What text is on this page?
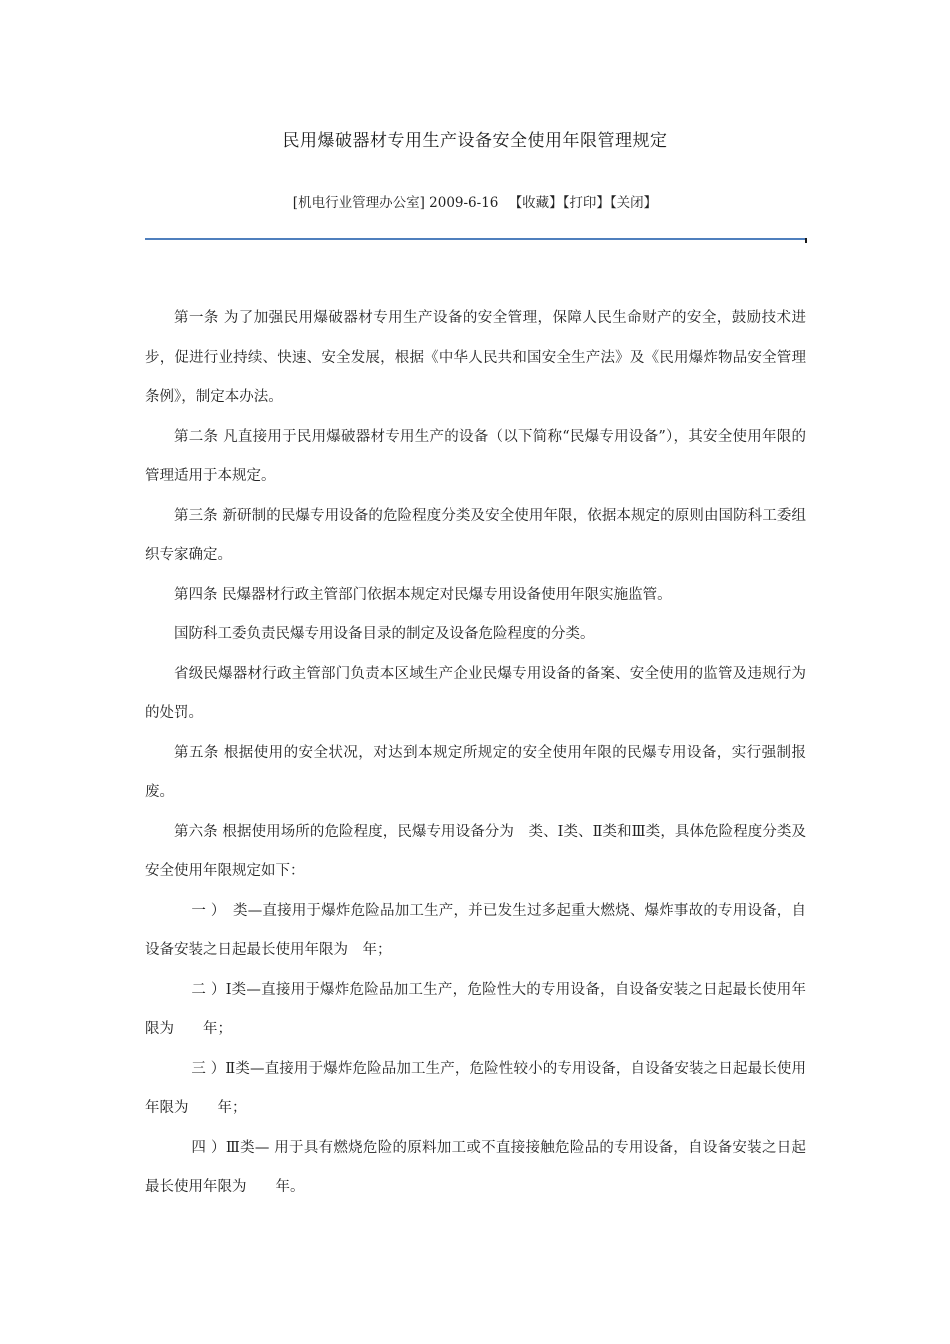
民用爆破器材专用生产设备安全使用年限管理规定
[机电行业管理办公室] 2009-6-16 【收藏】【打印】【关闭】

第一条 为了加强民用爆破器材专用生产设备的安全管理，保障人民生命财产的安全，鼓励技术进步，促进行业持续、快速、安全发展，根据《中华人民共和国安全生产法》及《民用爆炸物品安全管理条例》，制定本办法。

第二条 凡直接用于民用爆破器材专用生产的设备（以下简称“民爆专用设备”），其安全使用年限的管理适用于本规定。

第三条 新研制的民爆专用设备的危险程度分类及安全使用年限，依据本规定的原则由国防科工委组织专家确定。

第四条 民爆器材行政主管部门依据本规定对民爆专用设备使用年限实施监管。

国防科工委负责民爆专用设备目录的制定及设备危险程度的分类。

省级民爆器材行政主管部门负责本区域生产企业民爆专用设备的备案、安全使用的监管及违规行为的处罚。

第五条 根据使用的安全状况，对达到本规定所规定的安全使用年限的民爆专用设备，实行强制报废。

第六条 根据使用场所的危险程度，民爆专用设备分为　类、Ⅰ类、Ⅱ类和Ⅲ类，具体危险程度分类及安全使用年限规定如下：

一 ）　类—直接用于爆炸危险品加工生产，并已发生过多起重大燃烧、爆炸事故的专用设备，自设备安装之日起最长使用年限为　年；

二 ）Ⅰ类—直接用于爆炸危险品加工生产，危险性大的专用设备，自设备安装之日起最长使用年限为　　年；

三 ）Ⅱ类—直接用于爆炸危险品加工生产，危险性较小的专用设备，自设备安装之日起最长使用年限为　　年；

四 ）Ⅲ类— 用于具有燃烧危险的原料加工或不直接接触危险品的专用设备，自设备安装之日起最长使用年限为　　年。
